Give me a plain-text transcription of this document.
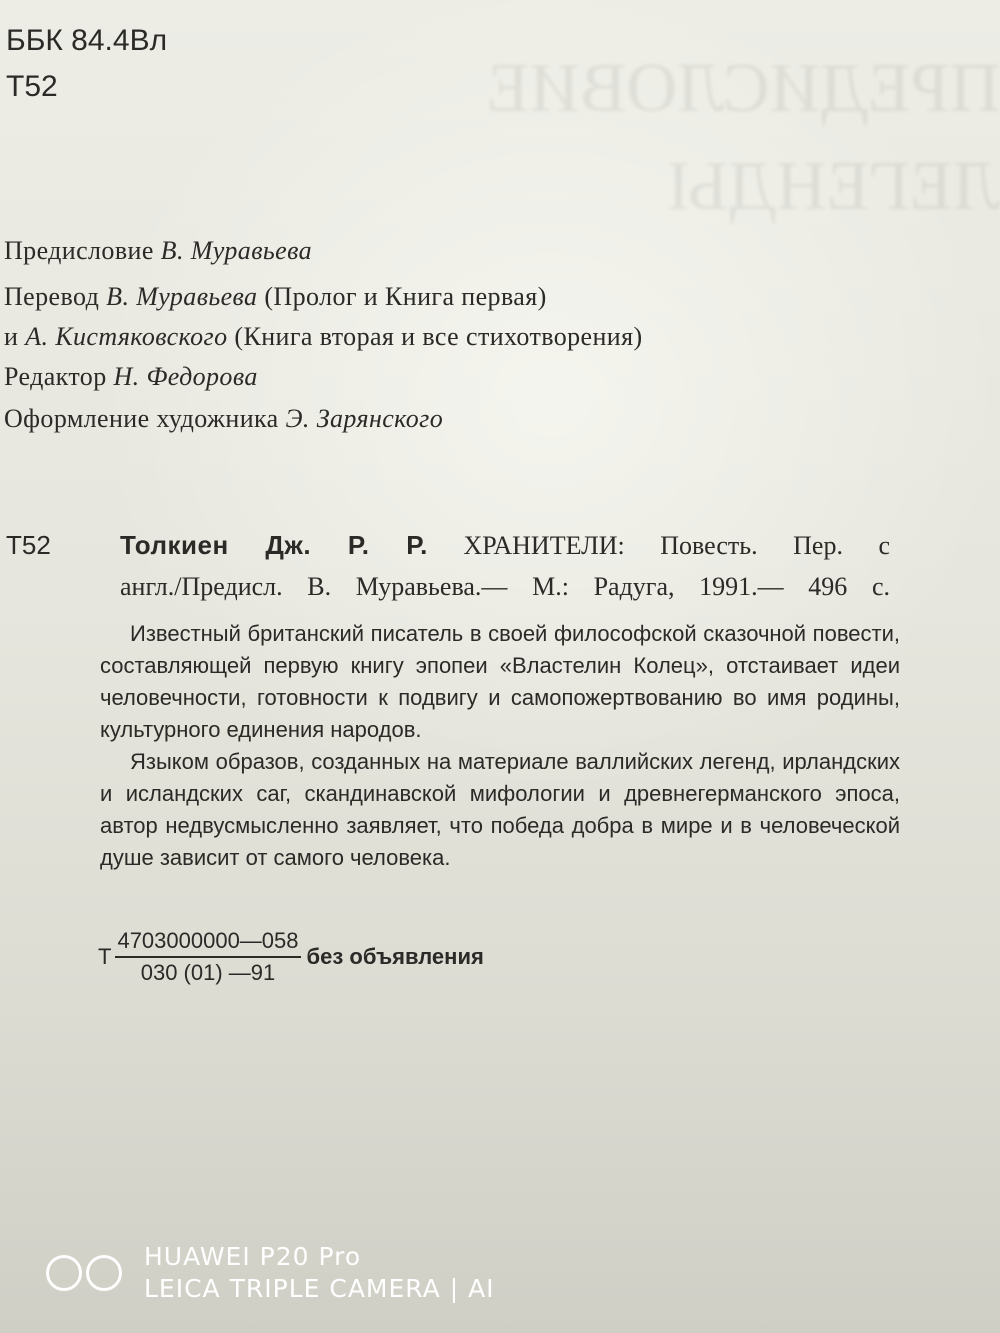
ПРЕДИСЛОВИЕ
ЛЕГЕНДЫ
ББК 84.4Вл
Т52
Предисловие В. Муравьева
Перевод В. Муравьева (Пролог и Книга первая)
и А. Кистяковского (Книга вторая и все стихотворения)
Редактор Н. Федорова
Оформление художника Э. Зарянского
Т52	Толкиен Дж. Р. Р. ХРАНИТЕЛИ: Повесть. Пер. с
англ./Предисл. В. Муравьева.— М.: Радуга, 1991.— 496 с.

Известный британский писатель в своей философской сказочной повести, составляющей первую книгу эпопеи «Властелин Колец», отстаивает идеи человечности, готовности к подвигу и самопожертвованию во имя родины, культурного единения народов.

Языком образов, созданных на материале валлийских легенд, ирландских и исландских саг, скандинавской мифологии и древнегерманского эпоса, автор недвусмысленно заявляет, что победа добра в мире и в человеческой душе зависит от самого человека.

Т $\frac{4703000000—058}{030 (01) —91}$ без объявления
HUAWEI P20 Pro
LEICA TRIPLE CAMERA | AI
